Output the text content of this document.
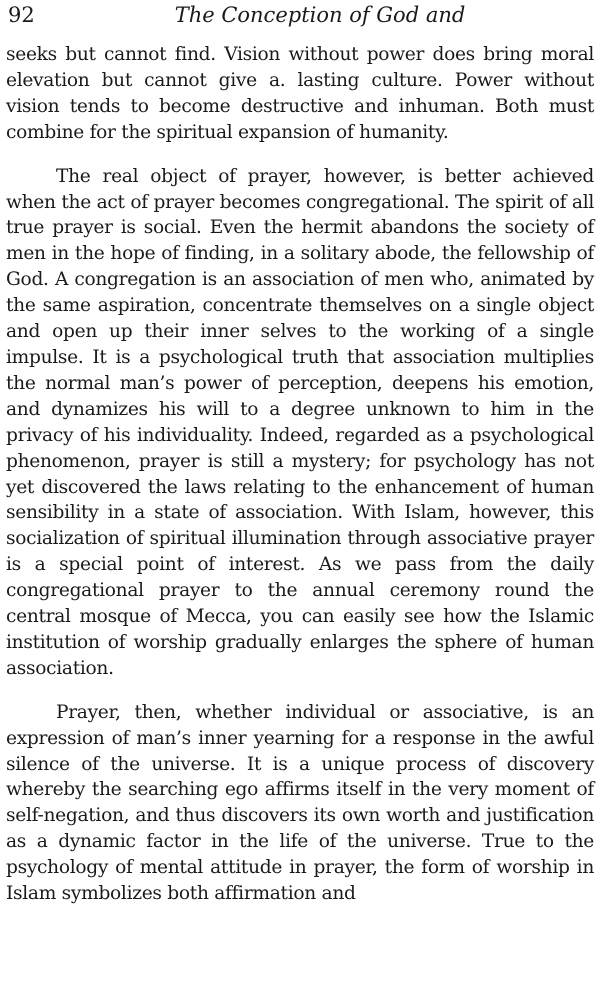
92	The Conception of God and

seeks but cannot find. Vision without power does bring moral elevation but cannot give a. lasting culture. Power without vision tends to become destructive and inhuman. Both must combine for the spiritual expansion of humanity.

The real object of prayer, however, is better achieved when the act of prayer becomes congregational. The spirit of all true prayer is social. Even the hermit abandons the society of men in the hope of finding, in a solitary abode, the fellowship of God. A congregation is an association of men who, animated by the same aspiration, concentrate themselves on a single object and open up their inner selves to the working of a single impulse. It is a psychological truth that association multiplies the normal man’s power of perception, deepens his emotion, and dynamizes his will to a degree unknown to him in the privacy of his individuality. Indeed, regarded as a psychological phenomenon, prayer is still a mystery; for psychology has not yet discovered the laws relating to the enhancement of human sensibility in a state of association. With Islam, however, this socialization of spiritual illumination through associative prayer is a special point of interest. As we pass from the daily congregational prayer to the annual ceremony round the central mosque of Mecca, you can easily see how the Islamic institution of worship gradually enlarges the sphere of human association.

Prayer, then, whether individual or associative, is an expression of man’s inner yearning for a response in the awful silence of the universe. It is a unique process of discovery whereby the searching ego affirms itself in the very moment of self-negation, and thus discovers its own worth and justification as a dynamic factor in the life of the universe. True to the psychology of mental attitude in prayer, the form of worship in Islam symbolizes both affirmation and
